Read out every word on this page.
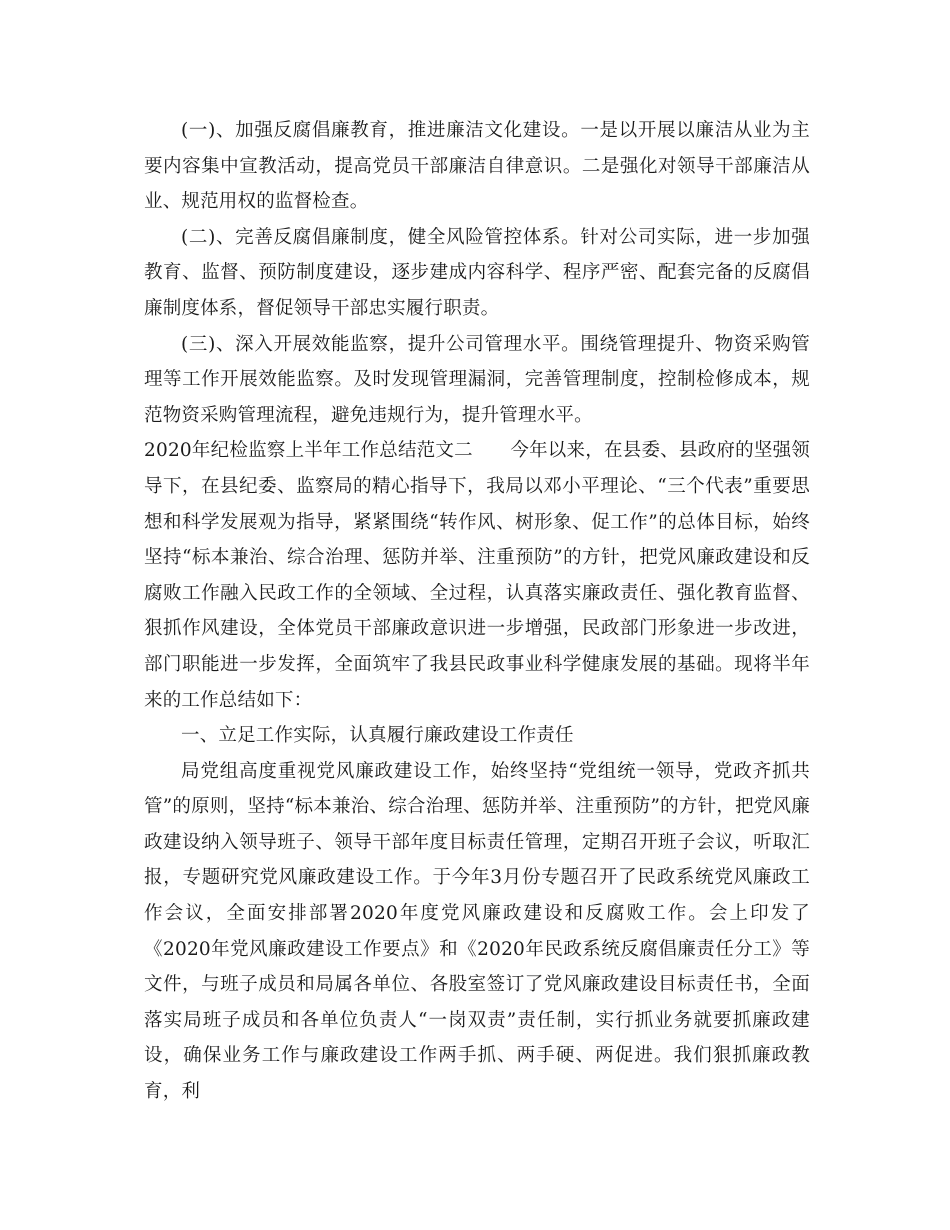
(一)、加强反腐倡廉教育，推进廉洁文化建设。一是以开展以廉洁从业为主要内容集中宣教活动，提高党员干部廉洁自律意识。二是强化对领导干部廉洁从业、规范用权的监督检查。

(二)、完善反腐倡廉制度，健全风险管控体系。针对公司实际，进一步加强教育、监督、预防制度建设，逐步建成内容科学、程序严密、配套完备的反腐倡廉制度体系，督促领导干部忠实履行职责。

(三)、深入开展效能监察，提升公司管理水平。围绕管理提升、物资采购管理等工作开展效能监察。及时发现管理漏洞，完善管理制度，控制检修成本，规范物资采购管理流程，避免违规行为，提升管理水平。

2020年纪检监察上半年工作总结范文二　　今年以来，在县委、县政府的坚强领导下，在县纪委、监察局的精心指导下，我局以邓小平理论、“三个代表”重要思想和科学发展观为指导，紧紧围绕“转作风、树形象、促工作”的总体目标，始终坚持“标本兼治、综合治理、惩防并举、注重预防”的方针，把党风廉政建设和反腐败工作融入民政工作的全领域、全过程，认真落实廉政责任、强化教育监督、狠抓作风建设，全体党员干部廉政意识进一步增强，民政部门形象进一步改进，部门职能进一步发挥，全面筑牢了我县民政事业科学健康发展的基础。现将半年来的工作总结如下：

一、立足工作实际，认真履行廉政建设工作责任

局党组高度重视党风廉政建设工作，始终坚持“党组统一领导，党政齐抓共管”的原则，坚持“标本兼治、综合治理、惩防并举、注重预防”的方针，把党风廉政建设纳入领导班子、领导干部年度目标责任管理，定期召开班子会议，听取汇报，专题研究党风廉政建设工作。于今年3月份专题召开了民政系统党风廉政工作会议，全面安排部署2020年度党风廉政建设和反腐败工作。会上印发了《2020年党风廉政建设工作要点》和《2020年民政系统反腐倡廉责任分工》等文件，与班子成员和局属各单位、各股室签订了党风廉政建设目标责任书，全面落实局班子成员和各单位负责人“一岗双责”责任制，实行抓业务就要抓廉政建设，确保业务工作与廉政建设工作两手抓、两手硬、两促进。我们狠抓廉政教育，利
